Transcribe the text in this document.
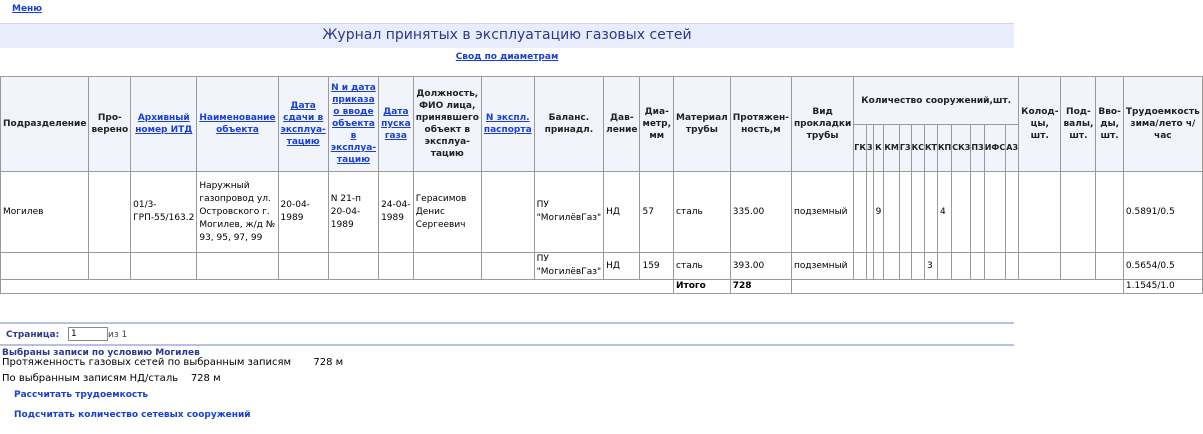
Меню
Журнал принятых в эксплуатацию газовых сетей
Свод по диаметрам
Подразделение	Проверено	Архивный номер ИТД	Наименование объекта	Дата сдачи в эксплуатацию	N и дата приказа о вводе объекта в эксплуатацию	Дата пуска газа	Должность, ФИО лица, принявшего объект в эксплуатацию	N экспл. паспорта	Баланс. принадл.	Давление	Диаметр, мм	Материал трубы	Протяженность,м	Вид прокладки трубы	Количество сооружений,шт.												Колодцы, шт.	Подвалы, шт.	Вводы, шт.	Трудоемкость зима/лето ч/час
															ГК	З	К	КМ	ГЗ	КС	КТ	КП	СКЗ	ПЗ	ИФС	АЗ				
Могилев		01/3-ГРП-55/163.2	Наружный газопровод ул. Островского г. Могилев, ж/д № 93, 95, 97, 99	20-04-1989	N 21-п 20-04-1989	24-04-1989	Герасимов Денис Сергеевич		ПУ "МогилёвГаз"	НД	57	сталь	335.00	подземный			9					4								0.5891/0.5
									ПУ "МогилёвГаз"	НД	159	сталь	393.00	подземный							3									0.5654/0.5
												Итого	728																	1.1545/1.0
Страница:
1	из 1
Выбраны записи по условию Могилев
Протяженность газовых сетей по выбранным записям       728 м
По выбранным записям НД/сталь    728 м
Рассчитать трудоемкость
Подсчитать количество сетевых сооружений
